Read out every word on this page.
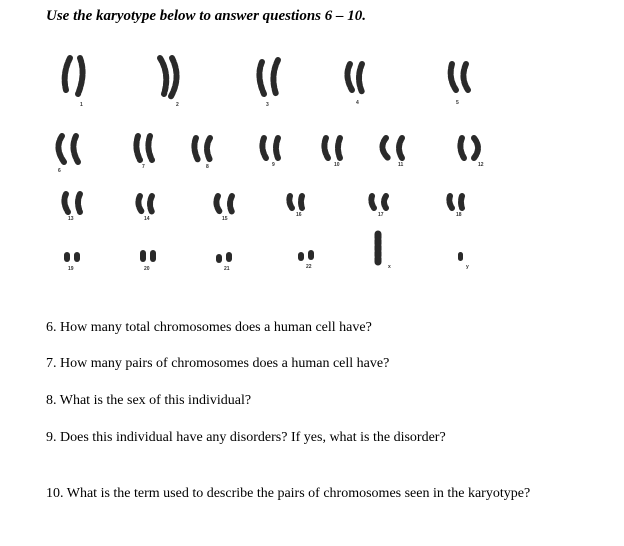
Use the karyotype below to answer questions 6 – 10.
1	2	3	4	5
6
7	8	9	10	11	12
13	14	15
16	17	18
19	20	21	22	x	y
6. How many total chromosomes does a human cell have?
7. How many pairs of chromosomes does a human cell have?
8. What is the sex of this individual?
9. Does this individual have any disorders? If yes, what is the disorder?
10. What is the term used to describe the pairs of chromosomes seen in the karyotype?
